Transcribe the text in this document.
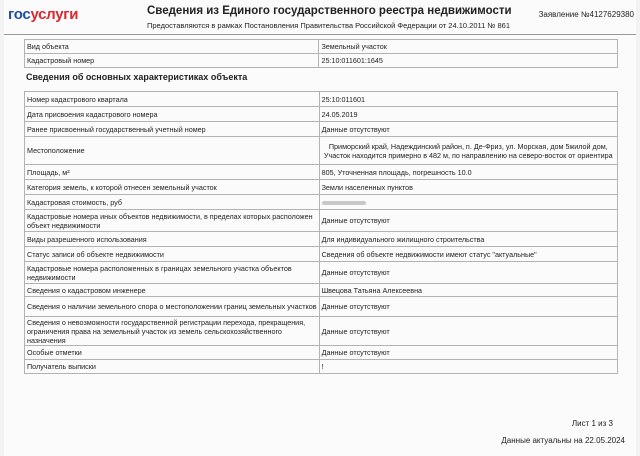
госуслуги	Сведения из Единого государственного реестра недвижимости
Предоставляются в рамках Постановления Правительства Российской Федерации от 24.10.2011 № 861
Заявление №4127629380
Вид объекта	Земельный участок
Кадастровый номер	25:10:011601:1645
Сведения об основных характеристиках объекта
Номер кадастрового квартала	25:10:011601
Дата присвоения кадастрового номера	24.05.2019
Ранее присвоенный государственный учетный номер	Данные отсутствуют
Местоположение	Приморский край, Надеждинский район, п. Де-Фриз, ул. Морская, дом 5жилой дом, Участок находится примерно в 482 м, по направлению на северо-восток от ориентира
Площадь, м²	805, Уточненная площадь, погрешность 10.0
Категория земель, к которой отнесен земельный участок	Земли населенных пунктов
Кадастровая стоимость, руб	
Кадастровые номера иных объектов недвижимости, в пределах которых расположен объект недвижимости	Данные отсутствуют
Виды разрешенного использования	Для индивидуального жилищного строительства
Статус записи об объекте недвижимости	Сведения об объекте недвижимости имеют статус "актуальные"
Кадастровые номера расположенных в границах земельного участка объектов недвижимости	Данные отсутствуют
Сведения о кадастровом инженере	Швецова Татьяна Алексеевна
Сведения о наличии земельного спора о местоположении границ земельных участков	Данные отсутствуют
Сведения о невозможности государственной регистрации перехода, прекращения, ограничения права на земельный участок из земель сельскохозяйственного назначения	Данные отсутствуют
Особые отметки	Данные отсутствуют
Получатель выписки	!
Лист 1 из 3
Данные актуальны на 22.05.2024
